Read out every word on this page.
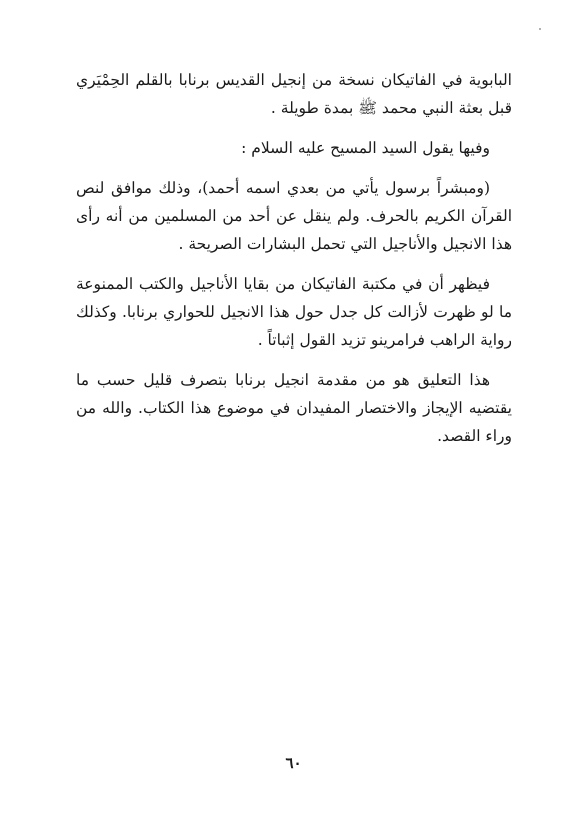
البابوية في الفاتيكان نسخة من إنجيل القديس برنابا بالقلم الحِمْيَري قبل بعثة النبي محمد ﷺ بمدة طويلة .

وفيها يقول السيد المسيح عليه السلام :

(ومبشراً برسول يأتي من بعدي اسمه أحمد)، وذلك موافق لنص القرآن الكريم بالحرف. ولم ينقل عن أحد من المسلمين من أنه رأى هذا الانجيل والأناجيل التي تحمل البشارات الصريحة .

فيظهر أن في مكتبة الفاتيكان من بقايا الأناجيل والكتب الممنوعة ما لو ظهرت لأزالت كل جدل حول هذا الانجيل للحواري برنابا. وكذلك رواية الراهب فرامرينو تزيد القول إثباتاً .

هذا التعليق هو من مقدمة انجيل برنابا بتصرف قليل حسب ما يقتضيه الإيجاز والاختصار المفيدان في موضوع هذا الكتاب. والله من وراء القصد.

٦٠
